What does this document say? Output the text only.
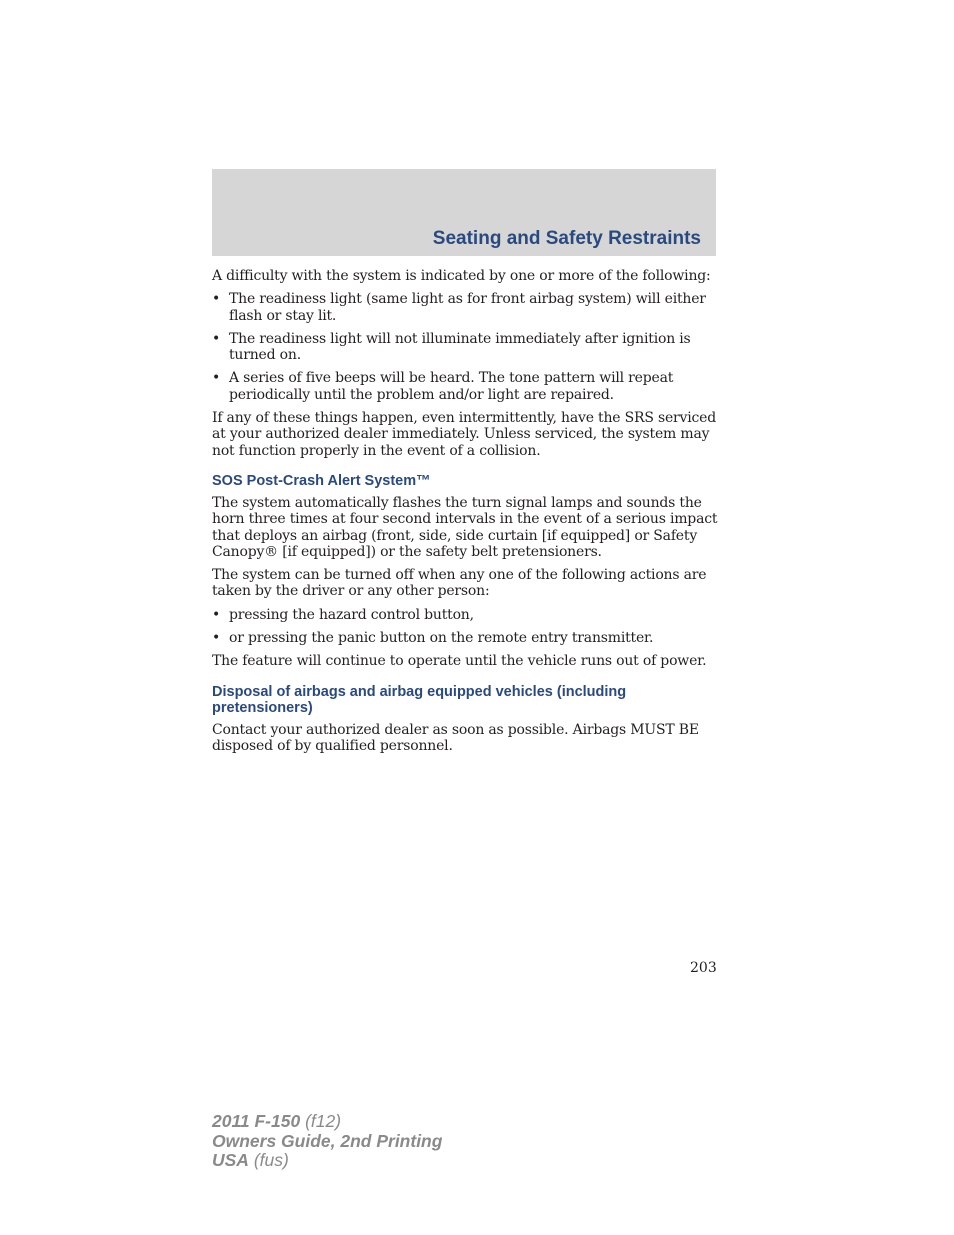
Seating and Safety Restraints

A difficulty with the system is indicated by one or more of the following:

• The readiness light (same light as for front airbag system) will either flash or stay lit.
• The readiness light will not illuminate immediately after ignition is turned on.
• A series of five beeps will be heard. The tone pattern will repeat periodically until the problem and/or light are repaired.

If any of these things happen, even intermittently, have the SRS serviced at your authorized dealer immediately. Unless serviced, the system may not function properly in the event of a collision.

SOS Post-Crash Alert System™

The system automatically flashes the turn signal lamps and sounds the horn three times at four second intervals in the event of a serious impact that deploys an airbag (front, side, side curtain [if equipped] or Safety Canopy® [if equipped]) or the safety belt pretensioners.

The system can be turned off when any one of the following actions are taken by the driver or any other person:

• pressing the hazard control button,
• or pressing the panic button on the remote entry transmitter.

The feature will continue to operate until the vehicle runs out of power.

Disposal of airbags and airbag equipped vehicles (including pretensioners)

Contact your authorized dealer as soon as possible. Airbags MUST BE disposed of by qualified personnel.

203
2011 F-150 (f12)
Owners Guide, 2nd Printing
USA (fus)
